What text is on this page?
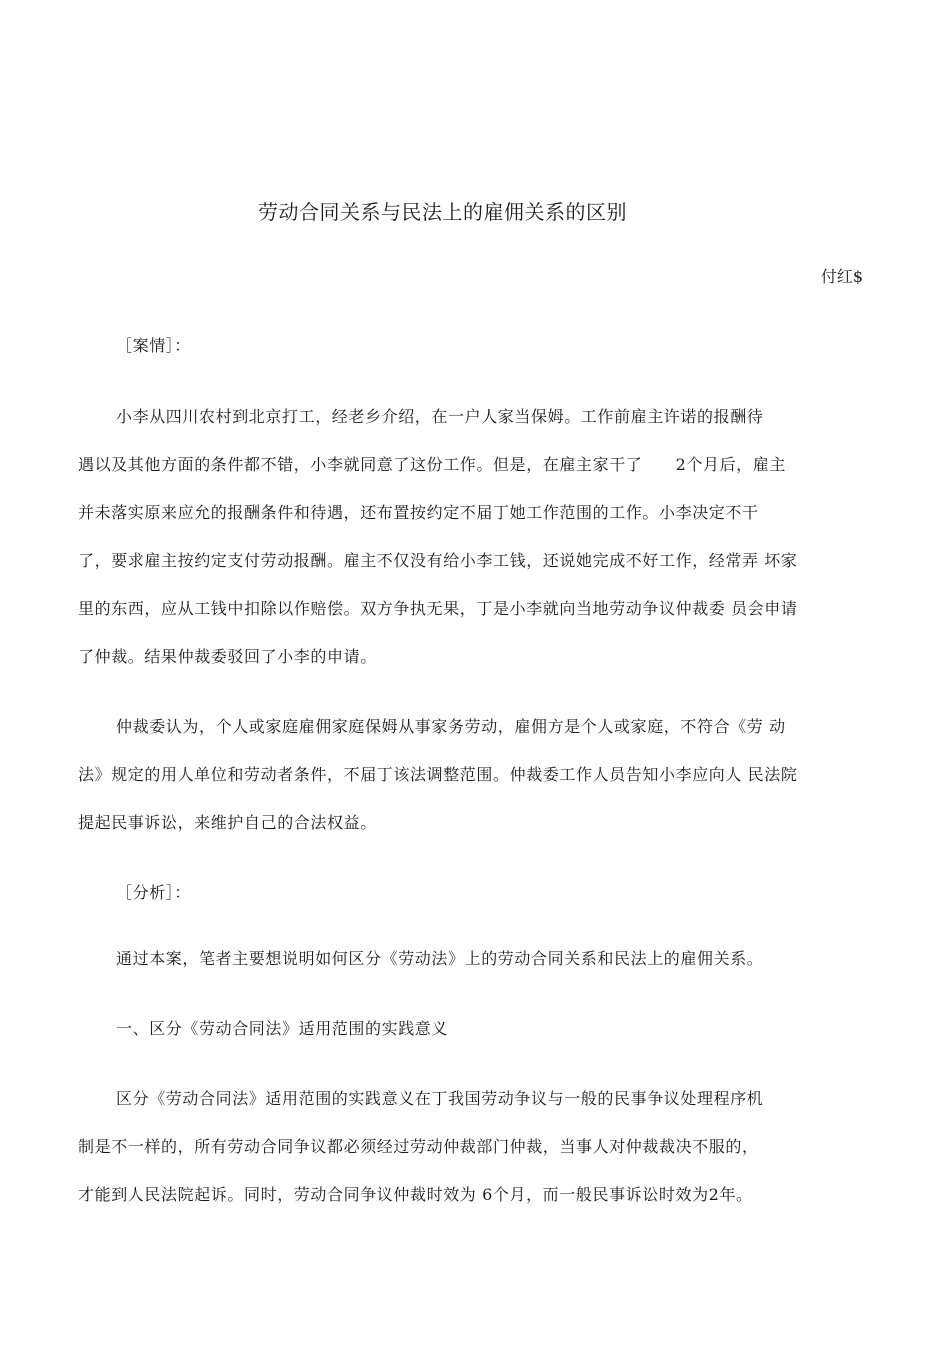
劳动合同关系与民法上的雇佣关系的区别
付红$
［案情］：
小李从四川农村到北京打工，经老乡介绍，在一户人家当保姆。工作前雇主许诺的报酬待
遇以及其他方面的条件都不错，小李就同意了这份工作。但是，在雇主家干了　　2个月后，雇主
并未落实原来应允的报酬条件和待遇，还布置按约定不届丁她工作范围的工作。小李决定不干
了，要求雇主按约定支付劳动报酬。雇主不仅没有给小李工钱，还说她完成不好工作，经常弄 坏家
里的东西，应从工钱中扣除以作赔偿。双方争执无果，丁是小李就向当地劳动争议仲裁委 员会申请
了仲裁。结果仲裁委驳回了小李的申请。
仲裁委认为，个人或家庭雇佣家庭保姆从事家务劳动，雇佣方是个人或家庭，不符合《劳 动
法》规定的用人单位和劳动者条件，不届丁该法调整范围。仲裁委工作人员告知小李应向人 民法院
提起民事诉讼，来维护自己的合法权益。
［分析］：
通过本案，笔者主要想说明如何区分《劳动法》上的劳动合同关系和民法上的雇佣关系。
一、区分《劳动合同法》适用范围的实践意义
区分《劳动合同法》适用范围的实践意义在丁我国劳动争议与一般的民事争议处理程序机
制是不一样的，所有劳动合同争议都必须经过劳动仲裁部门仲裁，当事人对仲裁裁决不服的，
才能到人民法院起诉。同时，劳动合同争议仲裁时效为 6个月，而一般民事诉讼时效为2年。
